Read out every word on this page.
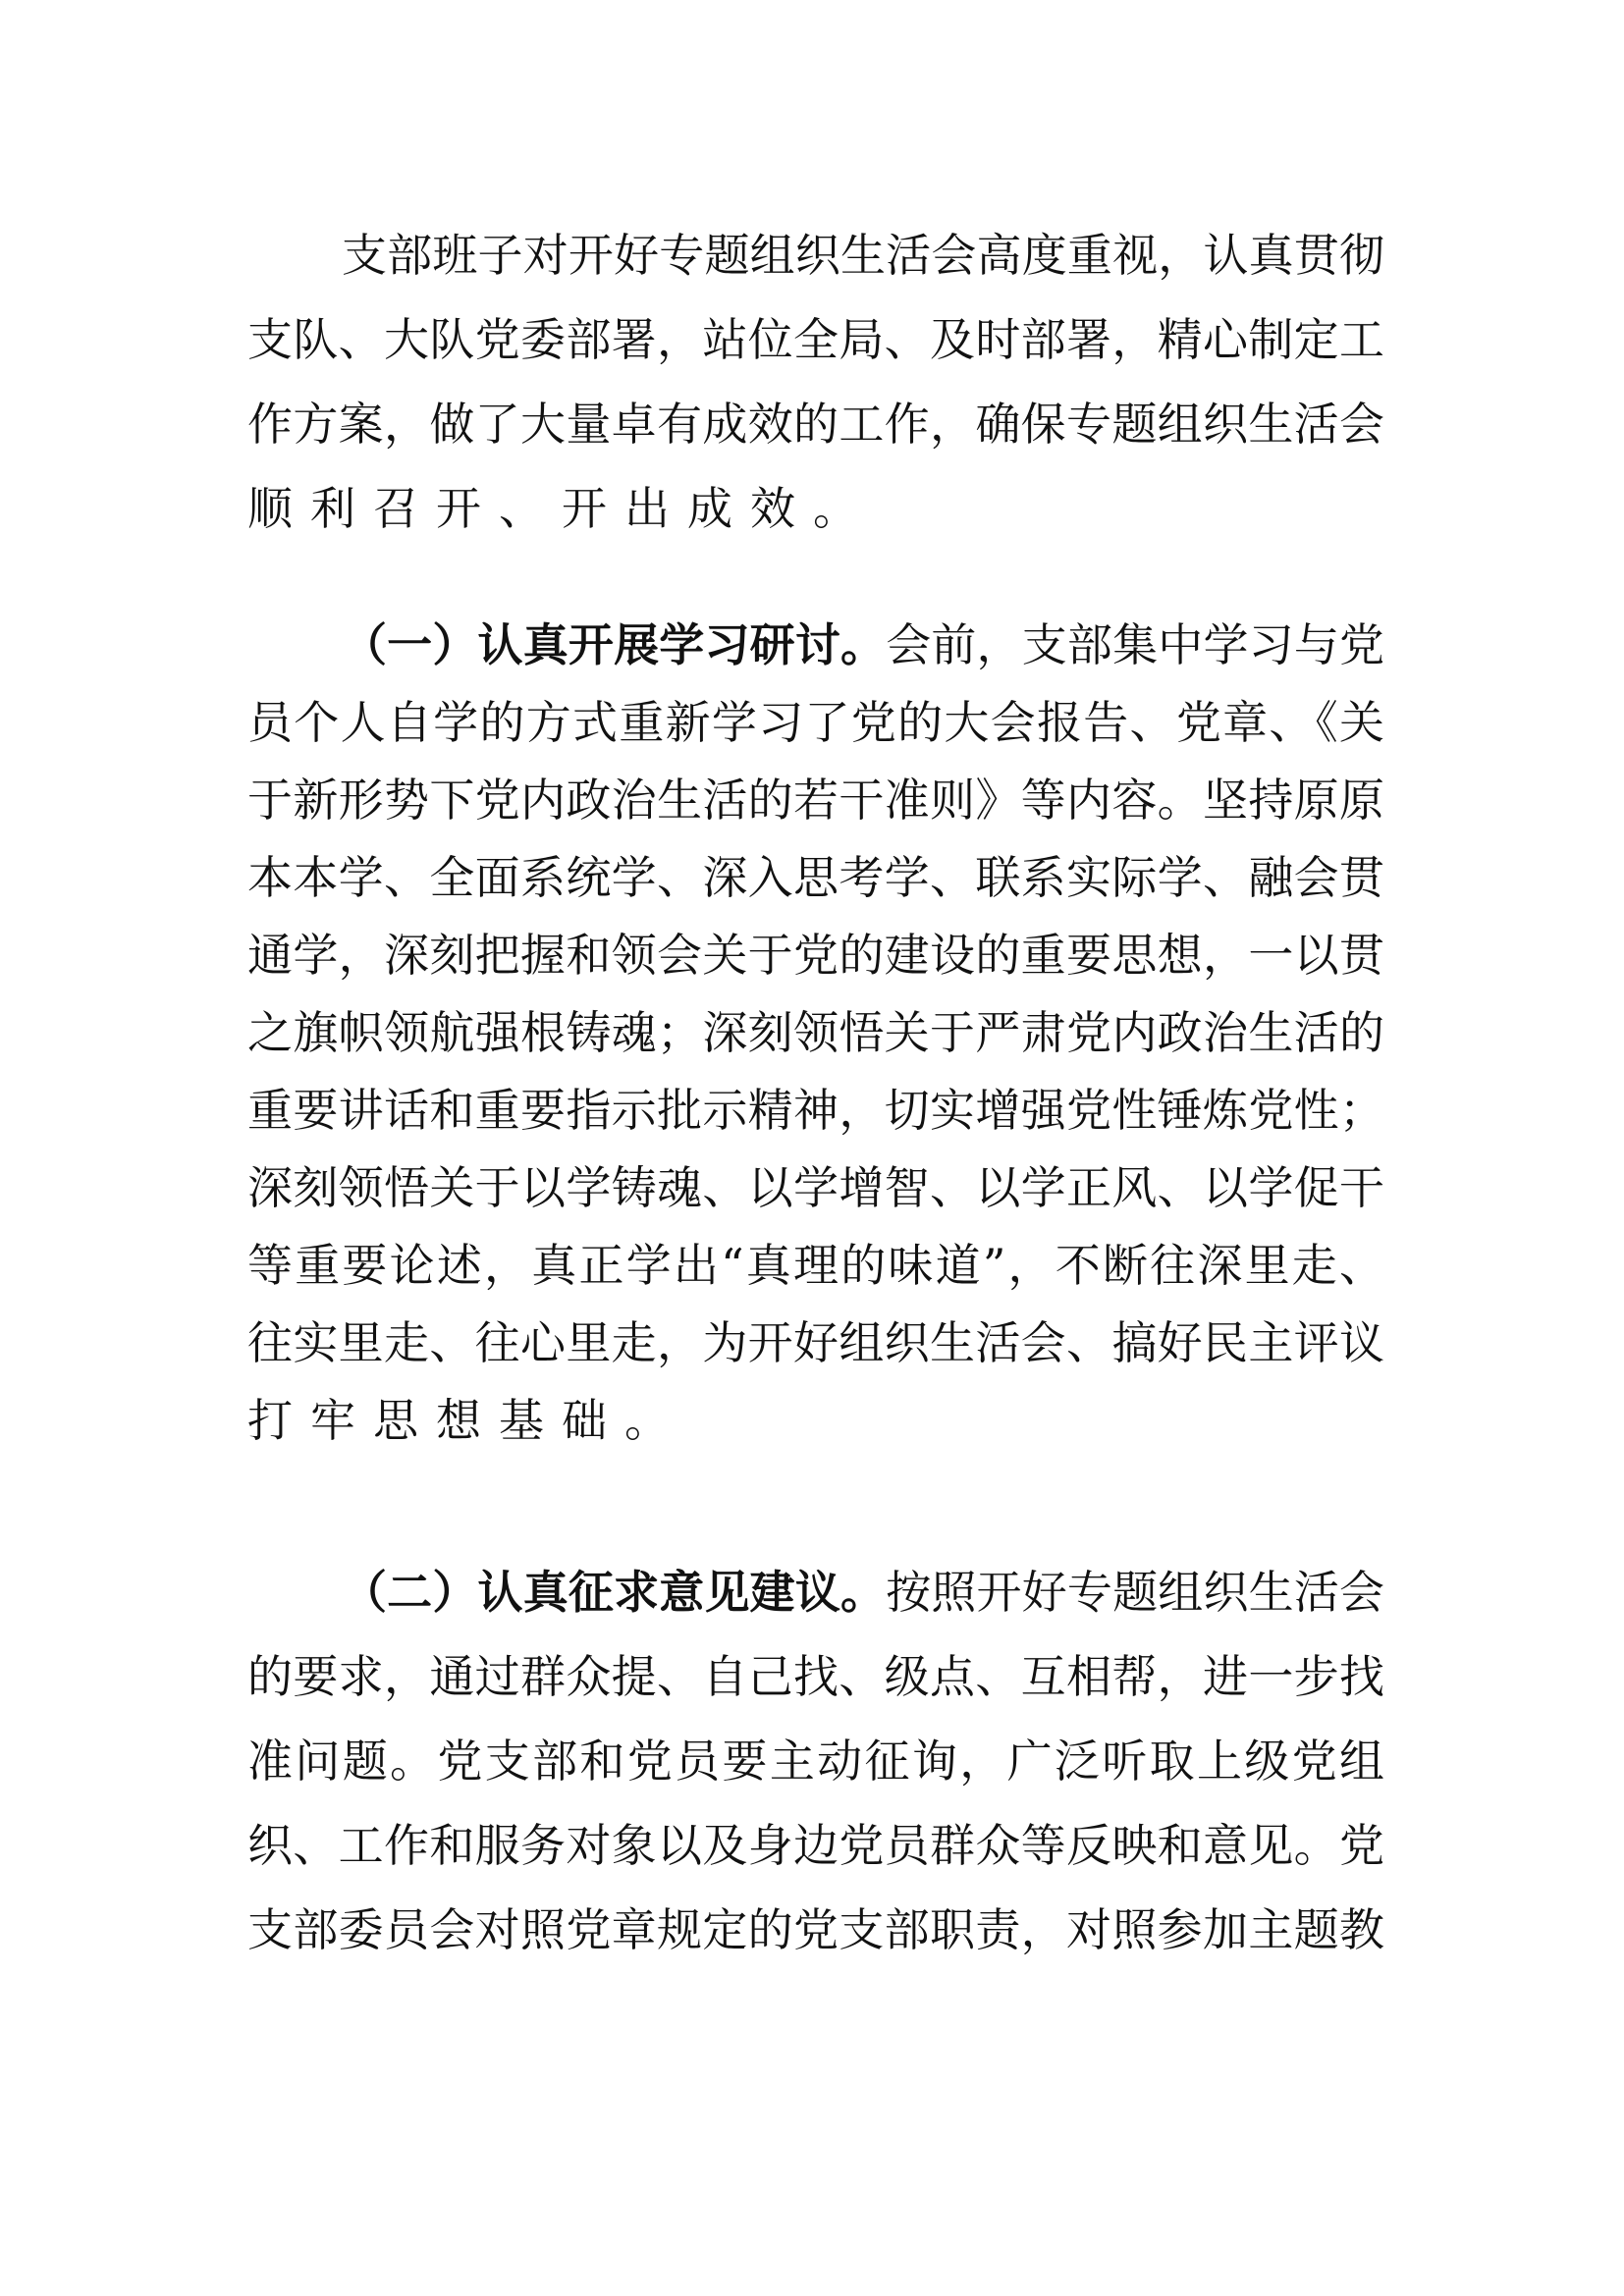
支部班子对开好专题组织生活会高度重视，认真贯彻
支队、大队党委部署，站位全局、及时部署，精心制定工
作方案，做了大量卓有成效的工作，确保专题组织生活会
顺利召开、开出成效。
（一）认真开展学习研讨。会前，支部集中学习与党
员个人自学的方式重新学习了党的大会报告、党章、《关
于新形势下党内政治生活的若干准则》等内容。坚持原原
本本学、全面系统学、深入思考学、联系实际学、融会贯
通学，深刻把握和领会关于党的建设的重要思想，一以贯
之旗帜领航强根铸魂；深刻领悟关于严肃党内政治生活的
重要讲话和重要指示批示精神，切实增强党性锤炼党性；
深刻领悟关于以学铸魂、以学增智、以学正风、以学促干
等重要论述，真正学出“真理的味道”，不断往深里走、
往实里走、往心里走，为开好组织生活会、搞好民主评议
打牢思想基础。
（二）认真征求意见建议。按照开好专题组织生活会
的要求，通过群众提、自己找、级点、互相帮，进一步找
准问题。党支部和党员要主动征询，广泛听取上级党组
织、工作和服务对象以及身边党员群众等反映和意见。党
支部委员会对照党章规定的党支部职责，对照参加主题教
